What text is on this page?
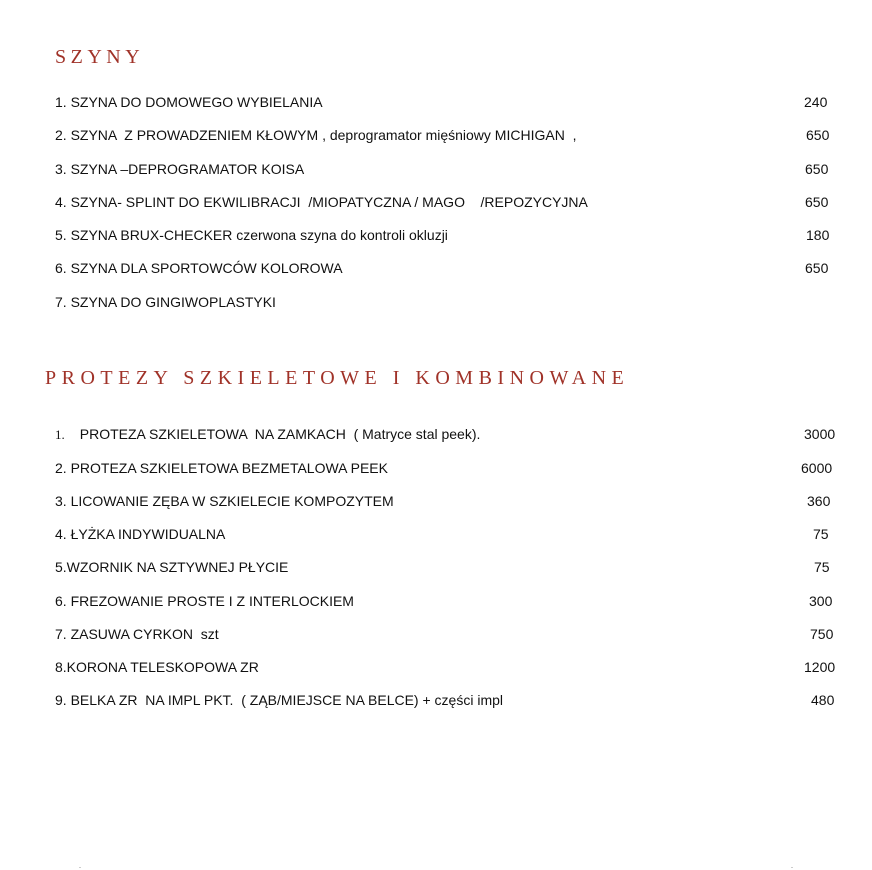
SZYNY
1. SZYNA DO DOMOWEGO WYBIELANIA	240
2. SZYNA  Z PROWADZENIEM KŁOWYM , deprogramator mięśniowy MICHIGAN  ,	650
3. SZYNA –DEPROGRAMATOR KOISA	650
4. SZYNA- SPLINT DO EKWILIBRACJI  /MIOPATYCZNA / MAGO    /REPOZYCYJNA	650
5. SZYNA BRUX-CHECKER czerwona szyna do kontroli okluzji	180
6. SZYNA DLA SPORTOWCÓW KOLOROWA	650
7. SZYNA DO GINGIWOPLASTYKI
PROTEZY SZKIELETOWE I KOMBINOWANE
1. PROTEZA SZKIELETOWA  NA ZAMKACH  ( Matryce stal peek).	3000
2. PROTEZA SZKIELETOWA BEZMETALOWA PEEK	6000
3. LICOWANIE ZĘBA W SZKIELECIE KOMPOZYTEM	360
4. ŁYŻKA INDYWIDUALNA	75
5.WZORNIK NA SZTYWNEJ PŁYCIE	75
6. FREZOWANIE PROSTE I Z INTERLOCKIEM	300
7. ZASUWA CYRKON  szt	750
8.KORONA TELESKOPOWA ZR	1200
9. BELKA ZR  NA IMPL PKT.  ( ZĄB/MIEJSCE NA BELCE) + części impl	480
